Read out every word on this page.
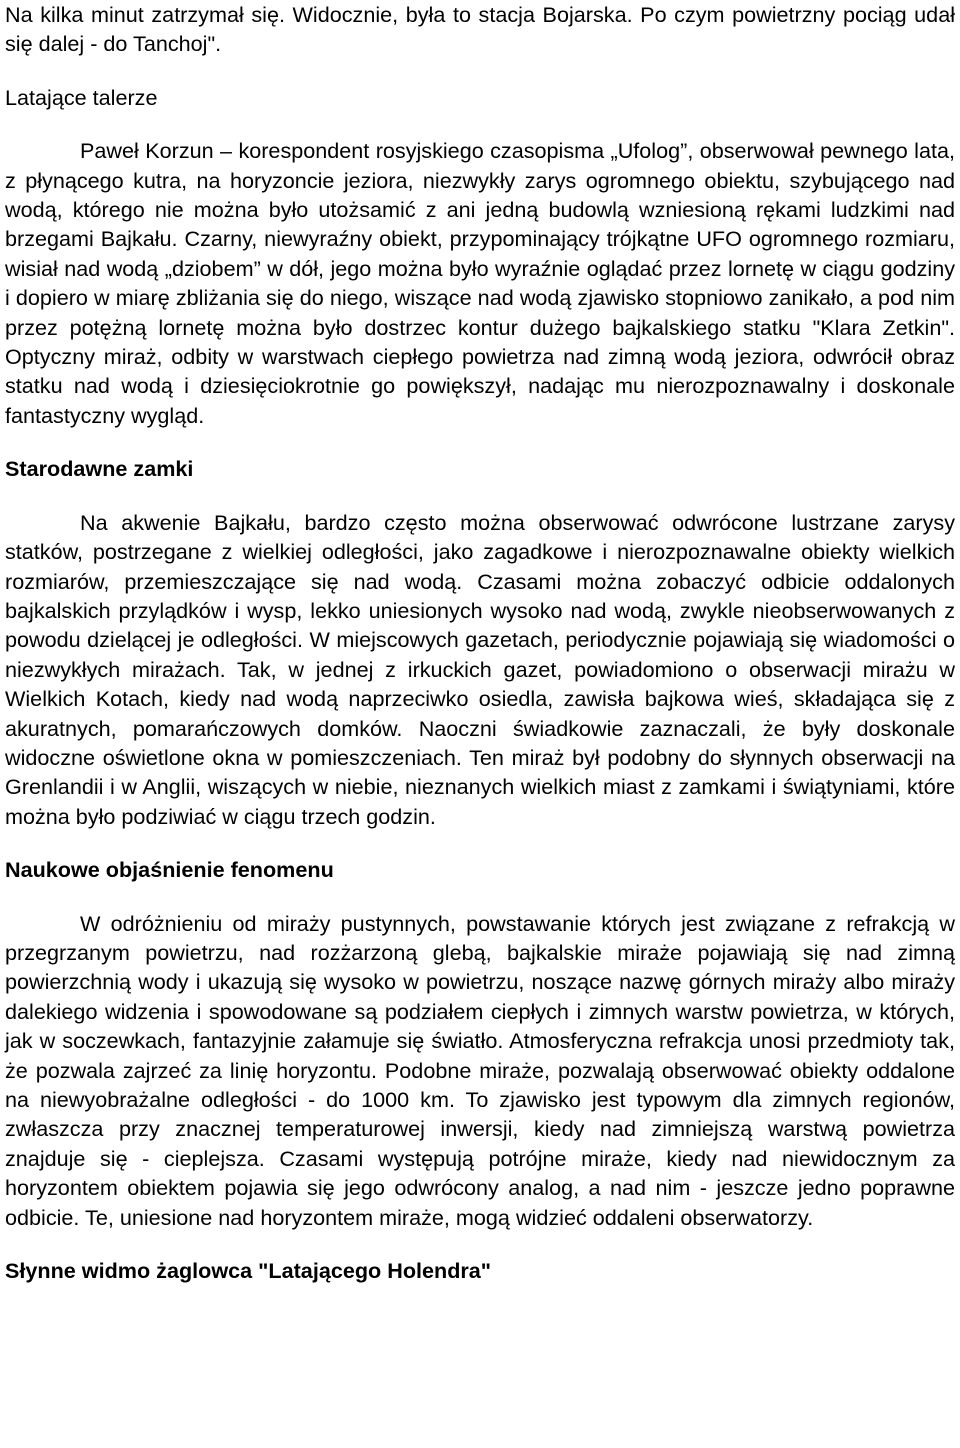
Na kilka minut zatrzymał się. Widocznie, była to stacja Bojarska. Po czym powietrzny pociąg udał się dalej - do Tanchoj".

Latające talerze

Paweł Korzun – korespondent rosyjskiego czasopisma „Ufolog”, obserwował pewnego lata, z płynącego kutra, na horyzoncie jeziora, niezwykły zarys ogromnego obiektu, szybującego nad wodą, którego nie można było utożsamić z ani jedną budowlą wzniesioną rękami ludzkimi nad brzegami Bajkału. Czarny, niewyraźny obiekt, przypominający trójkątne UFO ogromnego rozmiaru, wisiał nad wodą „dziobem” w dół, jego można było wyraźnie oglądać przez lornetę w ciągu godziny i dopiero w miarę zbliżania się do niego, wiszące nad wodą zjawisko stopniowo zanikało, a pod nim przez potężną lornetę można było dostrzec kontur dużego bajkalskiego statku "Klara Zetkin". Optyczny miraż, odbity w warstwach ciepłego powietrza nad zimną wodą jeziora, odwrócił obraz statku nad wodą i dziesięciokrotnie go powiększył, nadając mu nierozpoznawalny i doskonale fantastyczny wygląd.

Starodawne zamki

Na akwenie Bajkału, bardzo często można obserwować odwrócone lustrzane zarysy statków, postrzegane z wielkiej odległości, jako zagadkowe i nierozpoznawalne obiekty wielkich rozmiarów, przemieszczające się nad wodą. Czasami można zobaczyć odbicie oddalonych bajkalskich przylądków i wysp, lekko uniesionych wysoko nad wodą, zwykle nieobserwowanych z powodu dzielącej je odległości. W miejscowych gazetach, periodycznie pojawiają się wiadomości o niezwykłych mirażach. Tak, w jednej z irkuckich gazet, powiadomiono o obserwacji mirażu w Wielkich Kotach, kiedy nad wodą naprzeciwko osiedla, zawisła bajkowa wieś, składająca się z akuratnych, pomarańczowych domków. Naoczni świadkowie zaznaczali, że były doskonale widoczne oświetlone okna w pomieszczeniach. Ten miraż był podobny do słynnych obserwacji na Grenlandii i w Anglii, wiszących w niebie, nieznanych wielkich miast z zamkami i świątyniami, które można było podziwiać w ciągu trzech godzin.

Naukowe objaśnienie fenomenu

W odróżnieniu od miraży pustynnych, powstawanie których jest związane z refrakcją w przegrzanym powietrzu, nad rozżarzoną glebą, bajkalskie miraże pojawiają się nad zimną powierzchnią wody i ukazują się wysoko w powietrzu, noszące nazwę górnych miraży albo miraży dalekiego widzenia i spowodowane są podziałem ciepłych i zimnych warstw powietrza, w których, jak w soczewkach, fantazyjnie załamuje się światło. Atmosferyczna refrakcja unosi przedmioty tak, że pozwala zajrzeć za linię horyzontu. Podobne miraże, pozwalają obserwować obiekty oddalone na niewyobrażalne odległości - do 1000 km. To zjawisko jest typowym dla zimnych regionów, zwłaszcza przy znacznej temperaturowej inwersji, kiedy nad zimniejszą warstwą powietrza znajduje się - cieplejsza. Czasami występują potrójne miraże, kiedy nad niewidocznym za horyzontem obiektem pojawia się jego odwrócony analog, a nad nim - jeszcze jedno poprawne odbicie. Te, uniesione nad horyzontem miraże, mogą widzieć oddaleni obserwatorzy.

Słynne widmo żaglowca "Latającego Holendra"
